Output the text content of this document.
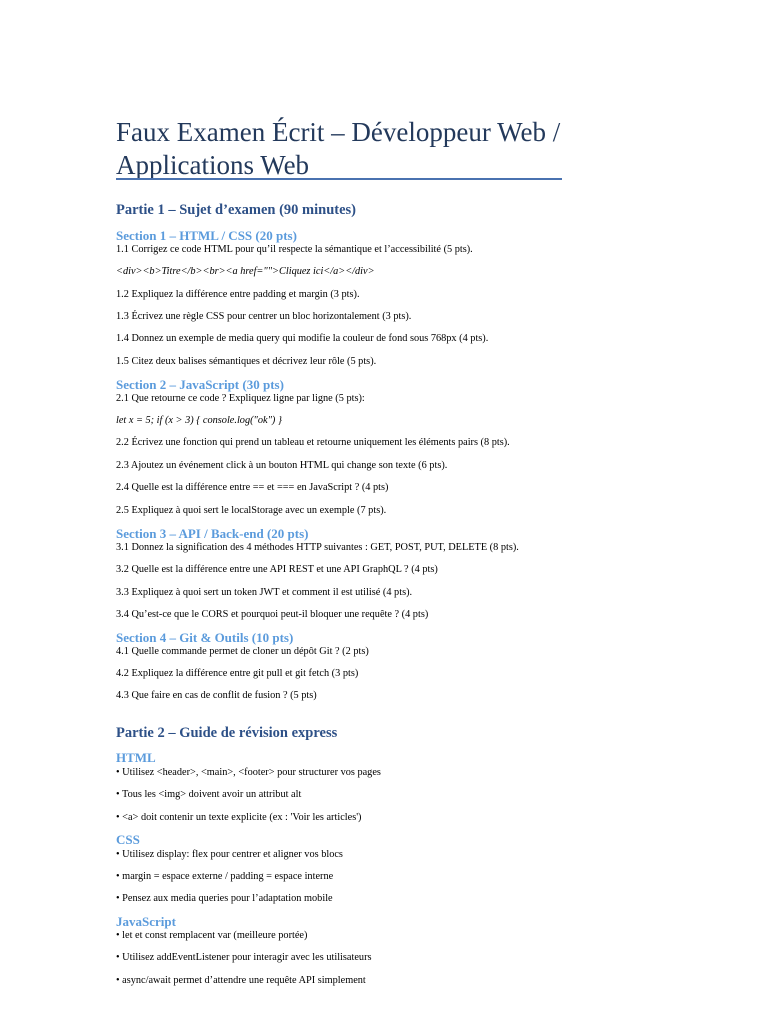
Faux Examen Écrit – Développeur Web / Applications Web
Partie 1 – Sujet d’examen (90 minutes)
Section 1 – HTML / CSS (20 pts)
1.1 Corrigez ce code HTML pour qu’il respecte la sémantique et l’accessibilité (5 pts).
<div><b>Titre</b><br><a href="">Cliquez ici</a></div>
1.2 Expliquez la différence entre padding et margin (3 pts).
1.3 Écrivez une règle CSS pour centrer un bloc horizontalement (3 pts).
1.4 Donnez un exemple de media query qui modifie la couleur de fond sous 768px (4 pts).
1.5 Citez deux balises sémantiques et décrivez leur rôle (5 pts).
Section 2 – JavaScript (30 pts)
2.1 Que retourne ce code ? Expliquez ligne par ligne (5 pts):
let x = 5; if (x > 3) { console.log("ok") }
2.2 Écrivez une fonction qui prend un tableau et retourne uniquement les éléments pairs (8 pts).
2.3 Ajoutez un événement click à un bouton HTML qui change son texte (6 pts).
2.4 Quelle est la différence entre == et === en JavaScript ? (4 pts)
2.5 Expliquez à quoi sert le localStorage avec un exemple (7 pts).
Section 3 – API / Back-end (20 pts)
3.1 Donnez la signification des 4 méthodes HTTP suivantes : GET, POST, PUT, DELETE (8 pts).
3.2 Quelle est la différence entre une API REST et une API GraphQL ? (4 pts)
3.3 Expliquez à quoi sert un token JWT et comment il est utilisé (4 pts).
3.4 Qu’est-ce que le CORS et pourquoi peut-il bloquer une requête ? (4 pts)
Section 4 – Git & Outils (10 pts)
4.1 Quelle commande permet de cloner un dépôt Git ? (2 pts)
4.2 Expliquez la différence entre git pull et git fetch (3 pts)
4.3 Que faire en cas de conflit de fusion ? (5 pts)
Partie 2 – Guide de révision express
HTML
• Utilisez <header>, <main>, <footer> pour structurer vos pages
• Tous les <img> doivent avoir un attribut alt
• <a> doit contenir un texte explicite (ex : 'Voir les articles')
CSS
• Utilisez display: flex pour centrer et aligner vos blocs
• margin = espace externe / padding = espace interne
• Pensez aux media queries pour l’adaptation mobile
JavaScript
• let et const remplacent var (meilleure portée)
• Utilisez addEventListener pour interagir avec les utilisateurs
• async/await permet d’attendre une requête API simplement
